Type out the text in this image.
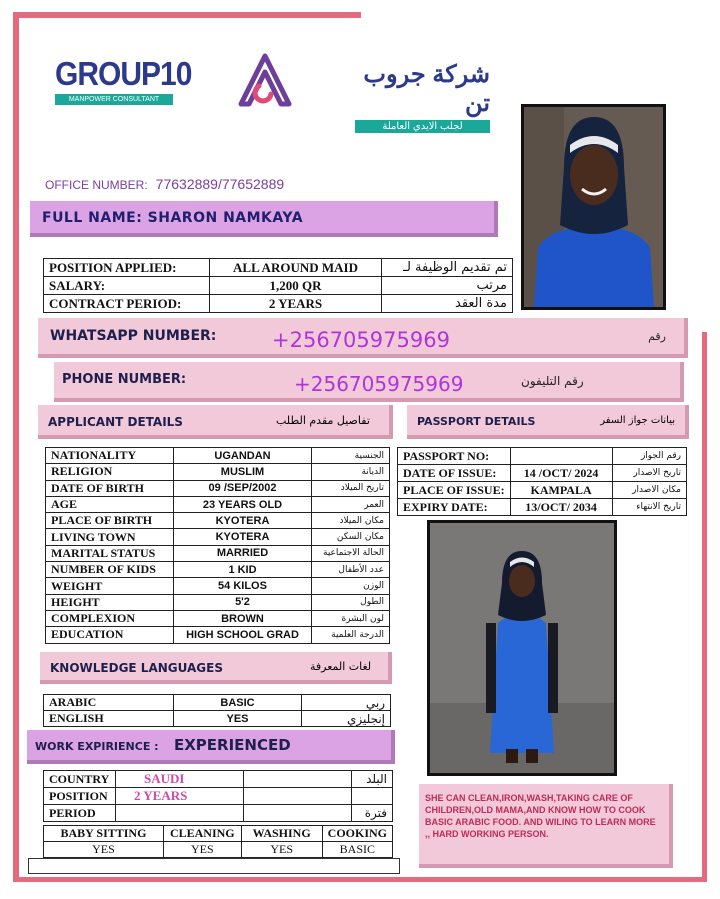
GROUP10
MANPOWER CONSULTANT
شركة جروب تن
لجلب الايدي العاملة
OFFICE NUMBER: 77632889/77652889
FULL NAME: SHARON NAMKAYA
POSITION APPLIED:	ALL AROUND MAID	تم تقديم الوظيفة لـ
SALARY:	1,200 QR	مرتب
CONTRACT PERIOD:	2 YEARS	مدة العقد
WHATSAPP NUMBER:	+256705975969	رقم
PHONE NUMBER:	+256705975969	رقم التليفون
APPLICANT DETAILS	تفاصيل مقدم الطلب	PASSPORT DETAILS	بيانات جواز السفر
NATIONALITY	UGANDAN	الجنسية
RELIGION	MUSLIM	الديانة
DATE OF BIRTH	09 /SEP/2002	تاريخ الميلاد
AGE	23 YEARS OLD	العمر
PLACE OF BIRTH	KYOTERA	مكان الميلاد
LIVING TOWN	KYOTERA	مكان السكن
MARITAL STATUS	MARRIED	الحالة الاجتماعية
NUMBER OF KIDS	1 KID	عدد الأطفال
WEIGHT	54 KILOS	الوزن
HEIGHT	5'2	الطول
COMPLEXION	BROWN	لون البشرة
EDUCATION	HIGH SCHOOL GRAD	الدرجة العلمية
PASSPORT NO:		رقم الجواز
DATE OF ISSUE:	14 /OCT/ 2024	تاريخ الاصدار
PLACE OF ISSUE:	KAMPALA	مكان الاصدار
EXPIRY DATE:	13/OCT/ 2034	تاريخ الانتهاء
KNOWLEDGE LANGUAGES	لغات المعرفة
ARABIC	BASIC	ربي
ENGLISH	YES	إنجليزي
WORK EXPIRIENCE : EXPERIENCED
COUNTRY	SAUDI		البلد
POSITION	2 YEARS		
PERIOD			فترة
BABY SITTING	CLEANING	WASHING	COOKING
YES	YES	YES	BASIC
SHE CAN CLEAN,IRON,WASH,TAKING CARE OF CHILDREN,OLD MAMA,AND KNOW HOW TO COOK BASIC ARABIC FOOD. AND WILING TO LEARN MORE ,, HARD WORKING PERSON.
